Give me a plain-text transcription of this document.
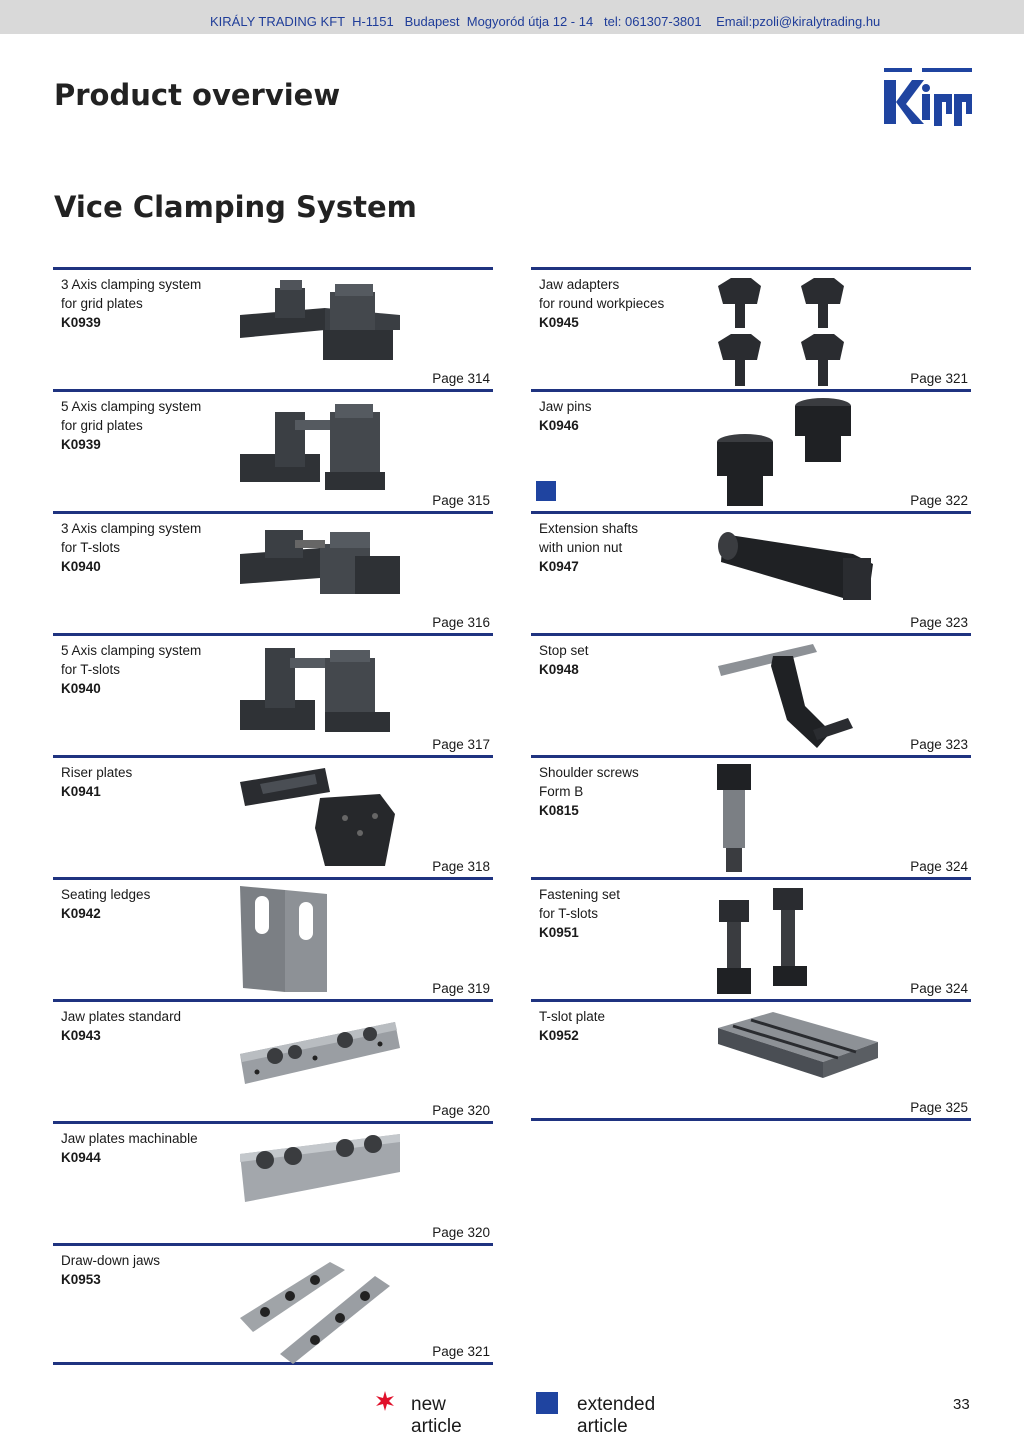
KIRÁLY TRADING KFT  H-1151   Budapest  Mogyoród útja 12 - 14   tel: 061307-3801    Email:pzoli@kiralytrading.hu
Product overview
Vice Clamping System
3 Axis clamping system
for grid plates
K0939
Page 314
5 Axis clamping system
for grid plates
K0939
Page 315
3 Axis clamping system
for T-slots
K0940
Page 316
5 Axis clamping system
for T-slots
K0940
Page 317
Riser plates
K0941
Page 318
Seating ledges
K0942
Page 319
Jaw plates standard
K0943
Page 320
Jaw plates machinable
K0944
Page 320
Draw-down jaws
K0953
Page 321
Jaw adapters
for round workpieces
K0945
Page 321
Jaw pins
K0946
Page 322
Extension shafts
with union nut
K0947
Page 323
Stop set
K0948
Page 323
Shoulder screws
Form B
K0815
Page 324
Fastening set
for T-slots
K0951
Page 324
T-slot plate
K0952
Page 325
new article
extended article
33
